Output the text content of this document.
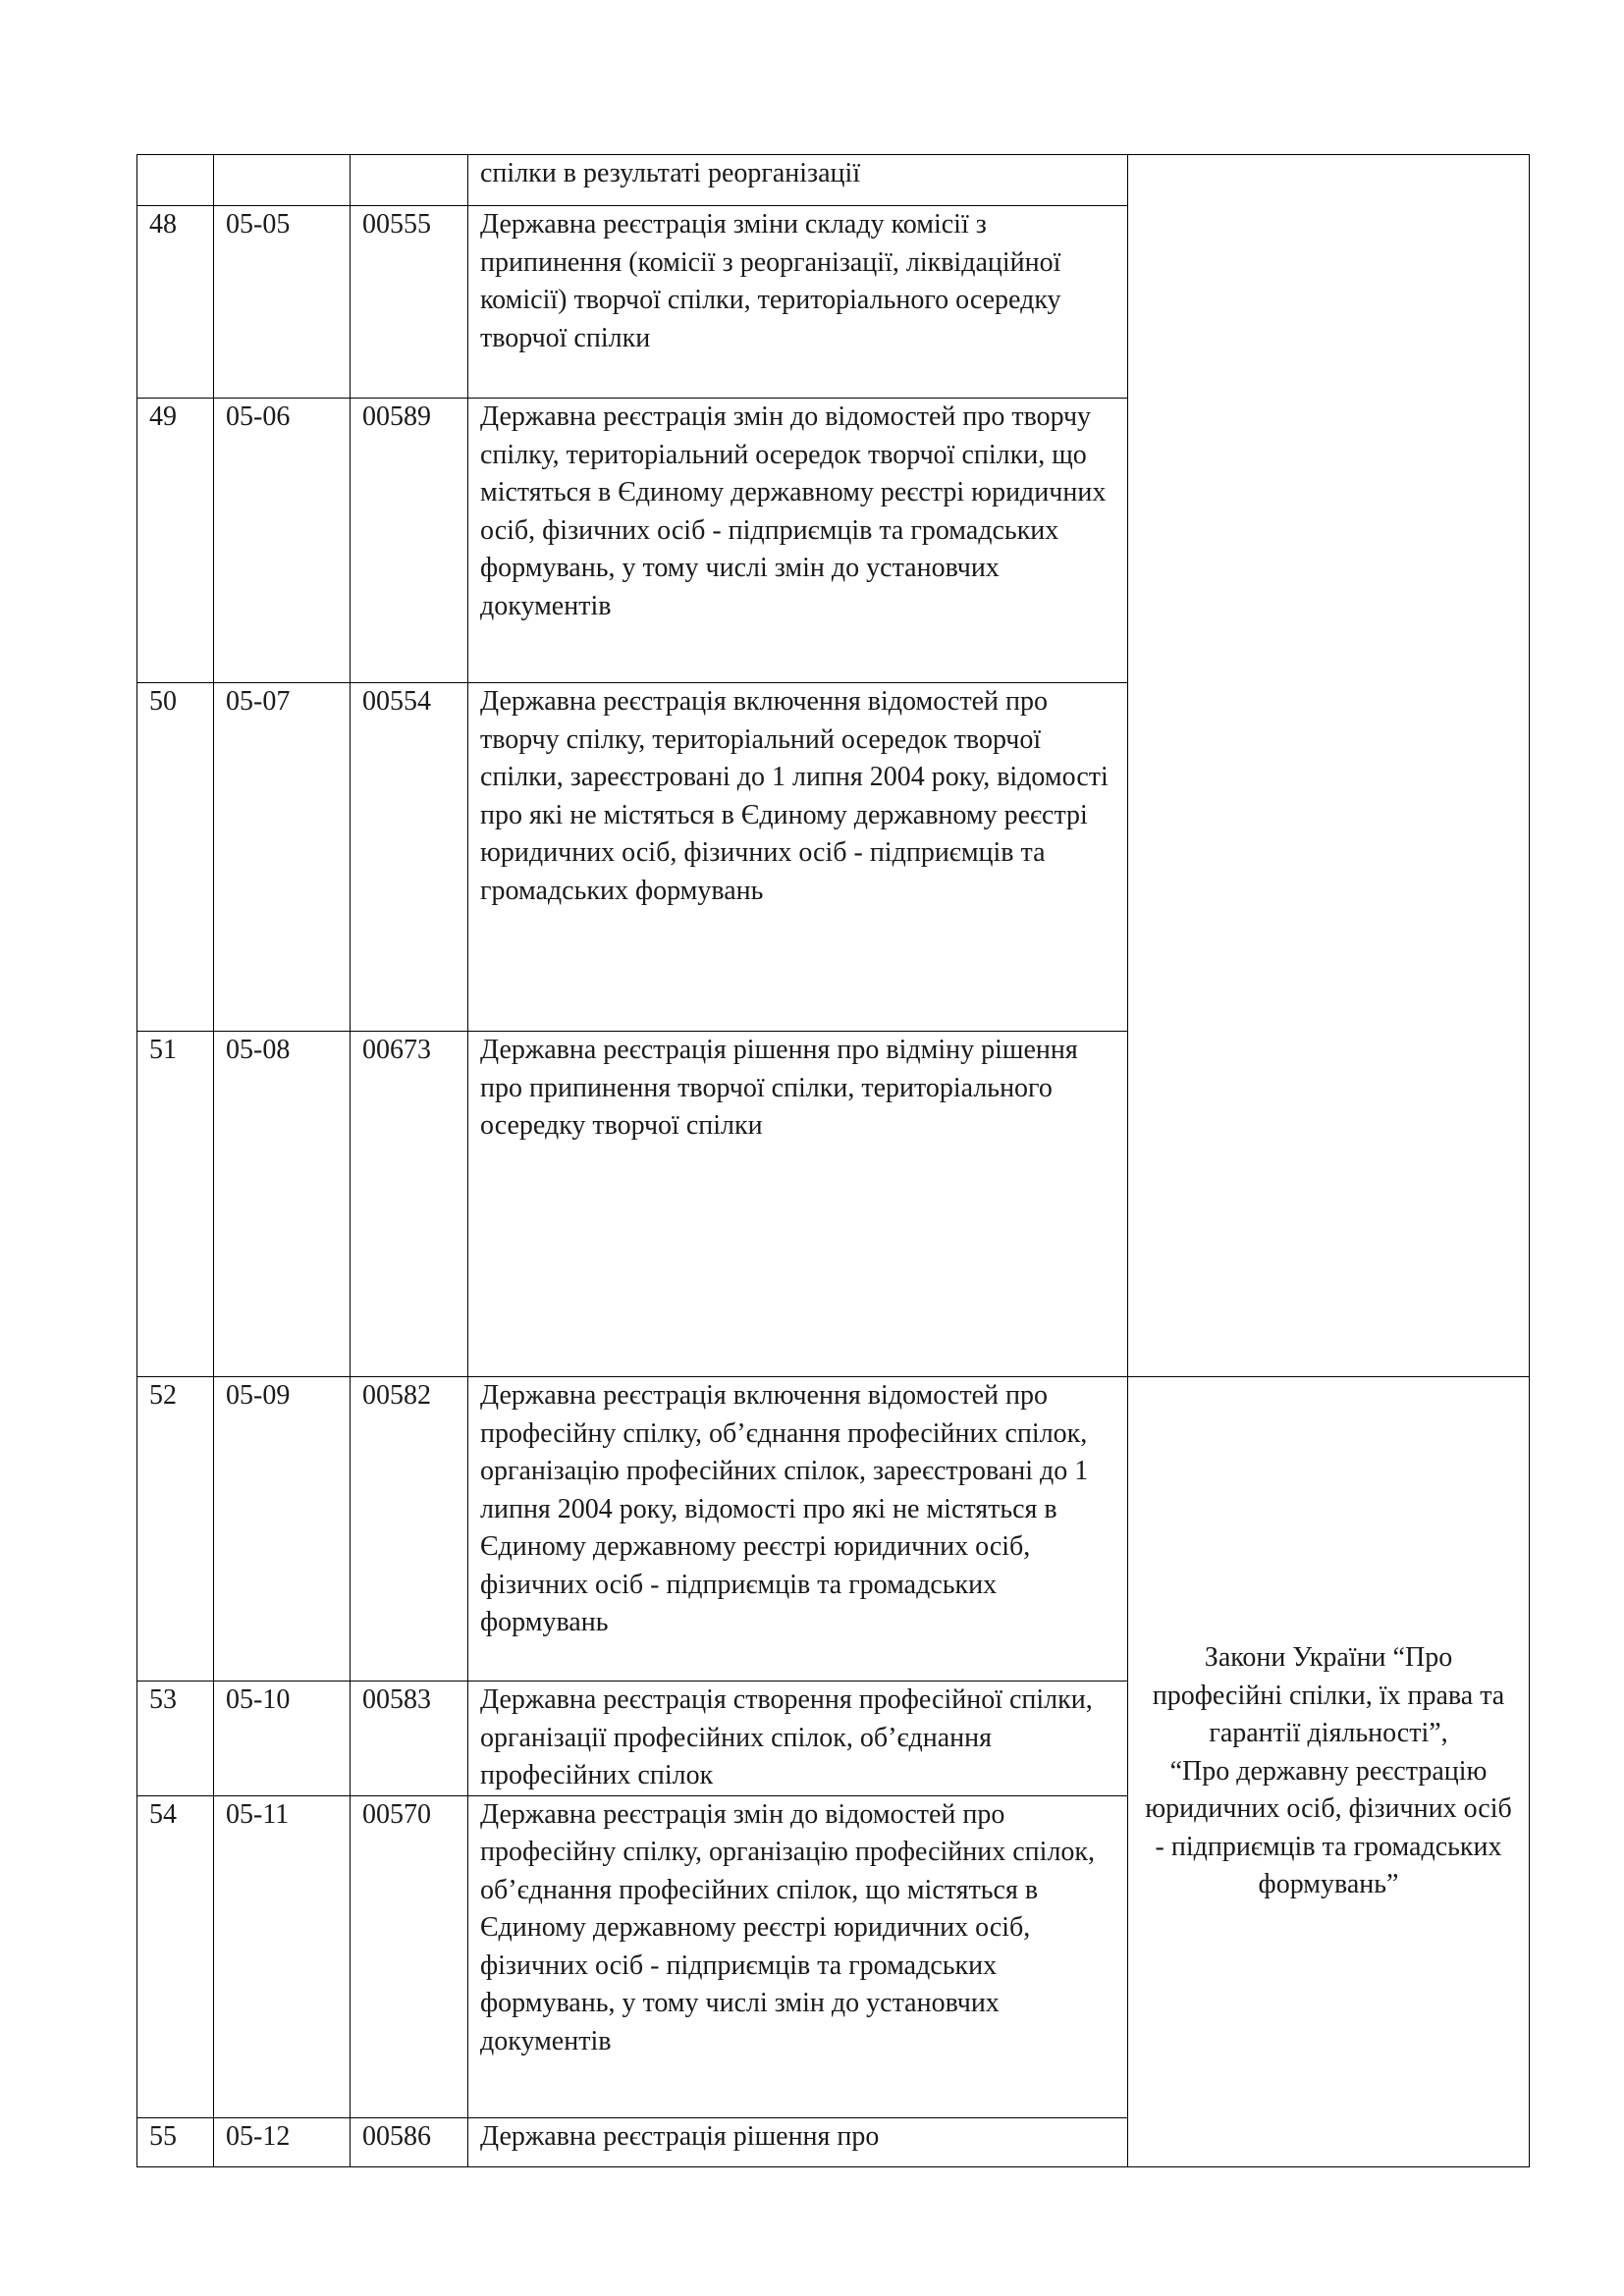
			спілки в результаті реорганізації	
48	05-05	00555	Державна реєстрація зміни складу комісії з припинення (комісії з реорганізації, ліквідаційної комісії) творчої спілки, територіального осередку творчої спілки	
49	05-06	00589	Державна реєстрація змін до відомостей про творчу спілку, територіальний осередок творчої спілки, що містяться в Єдиному державному реєстрі юридичних осіб, фізичних осіб - підприємців та громадських формувань, у тому числі змін до установчих документів	
50	05-07	00554	Державна реєстрація включення відомостей про творчу спілку, територіальний осередок творчої спілки, зареєстровані до 1 липня 2004 року, відомості про які не містяться в Єдиному державному реєстрі юридичних осіб, фізичних осіб - підприємців та громадських формувань	
51	05-08	00673	Державна реєстрація рішення про відміну рішення про припинення творчої спілки, територіального осередку творчої спілки	
52	05-09	00582	Державна реєстрація включення відомостей про професійну спілку, об’єднання професійних спілок, організацію професійних спілок, зареєстровані до 1 липня 2004 року, відомості про які не містяться в Єдиному державному реєстрі юридичних осіб, фізичних осіб - підприємців та громадських формувань	Закони України “Про професійні спілки, їх права та гарантії діяльності”,
“Про державну реєстрацію юридичних осіб, фізичних осіб - підприємців та громадських формувань”
53	05-10	00583	Державна реєстрація створення професійної спілки, організації професійних спілок, об’єднання професійних спілок	
54	05-11	00570	Державна реєстрація змін до відомостей про професійну спілку, організацію професійних спілок, об’єднання професійних спілок, що містяться в Єдиному державному реєстрі юридичних осіб, фізичних осіб - підприємців та громадських формувань, у тому числі змін до установчих документів	
55	05-12	00586	Державна реєстрація рішення про	
